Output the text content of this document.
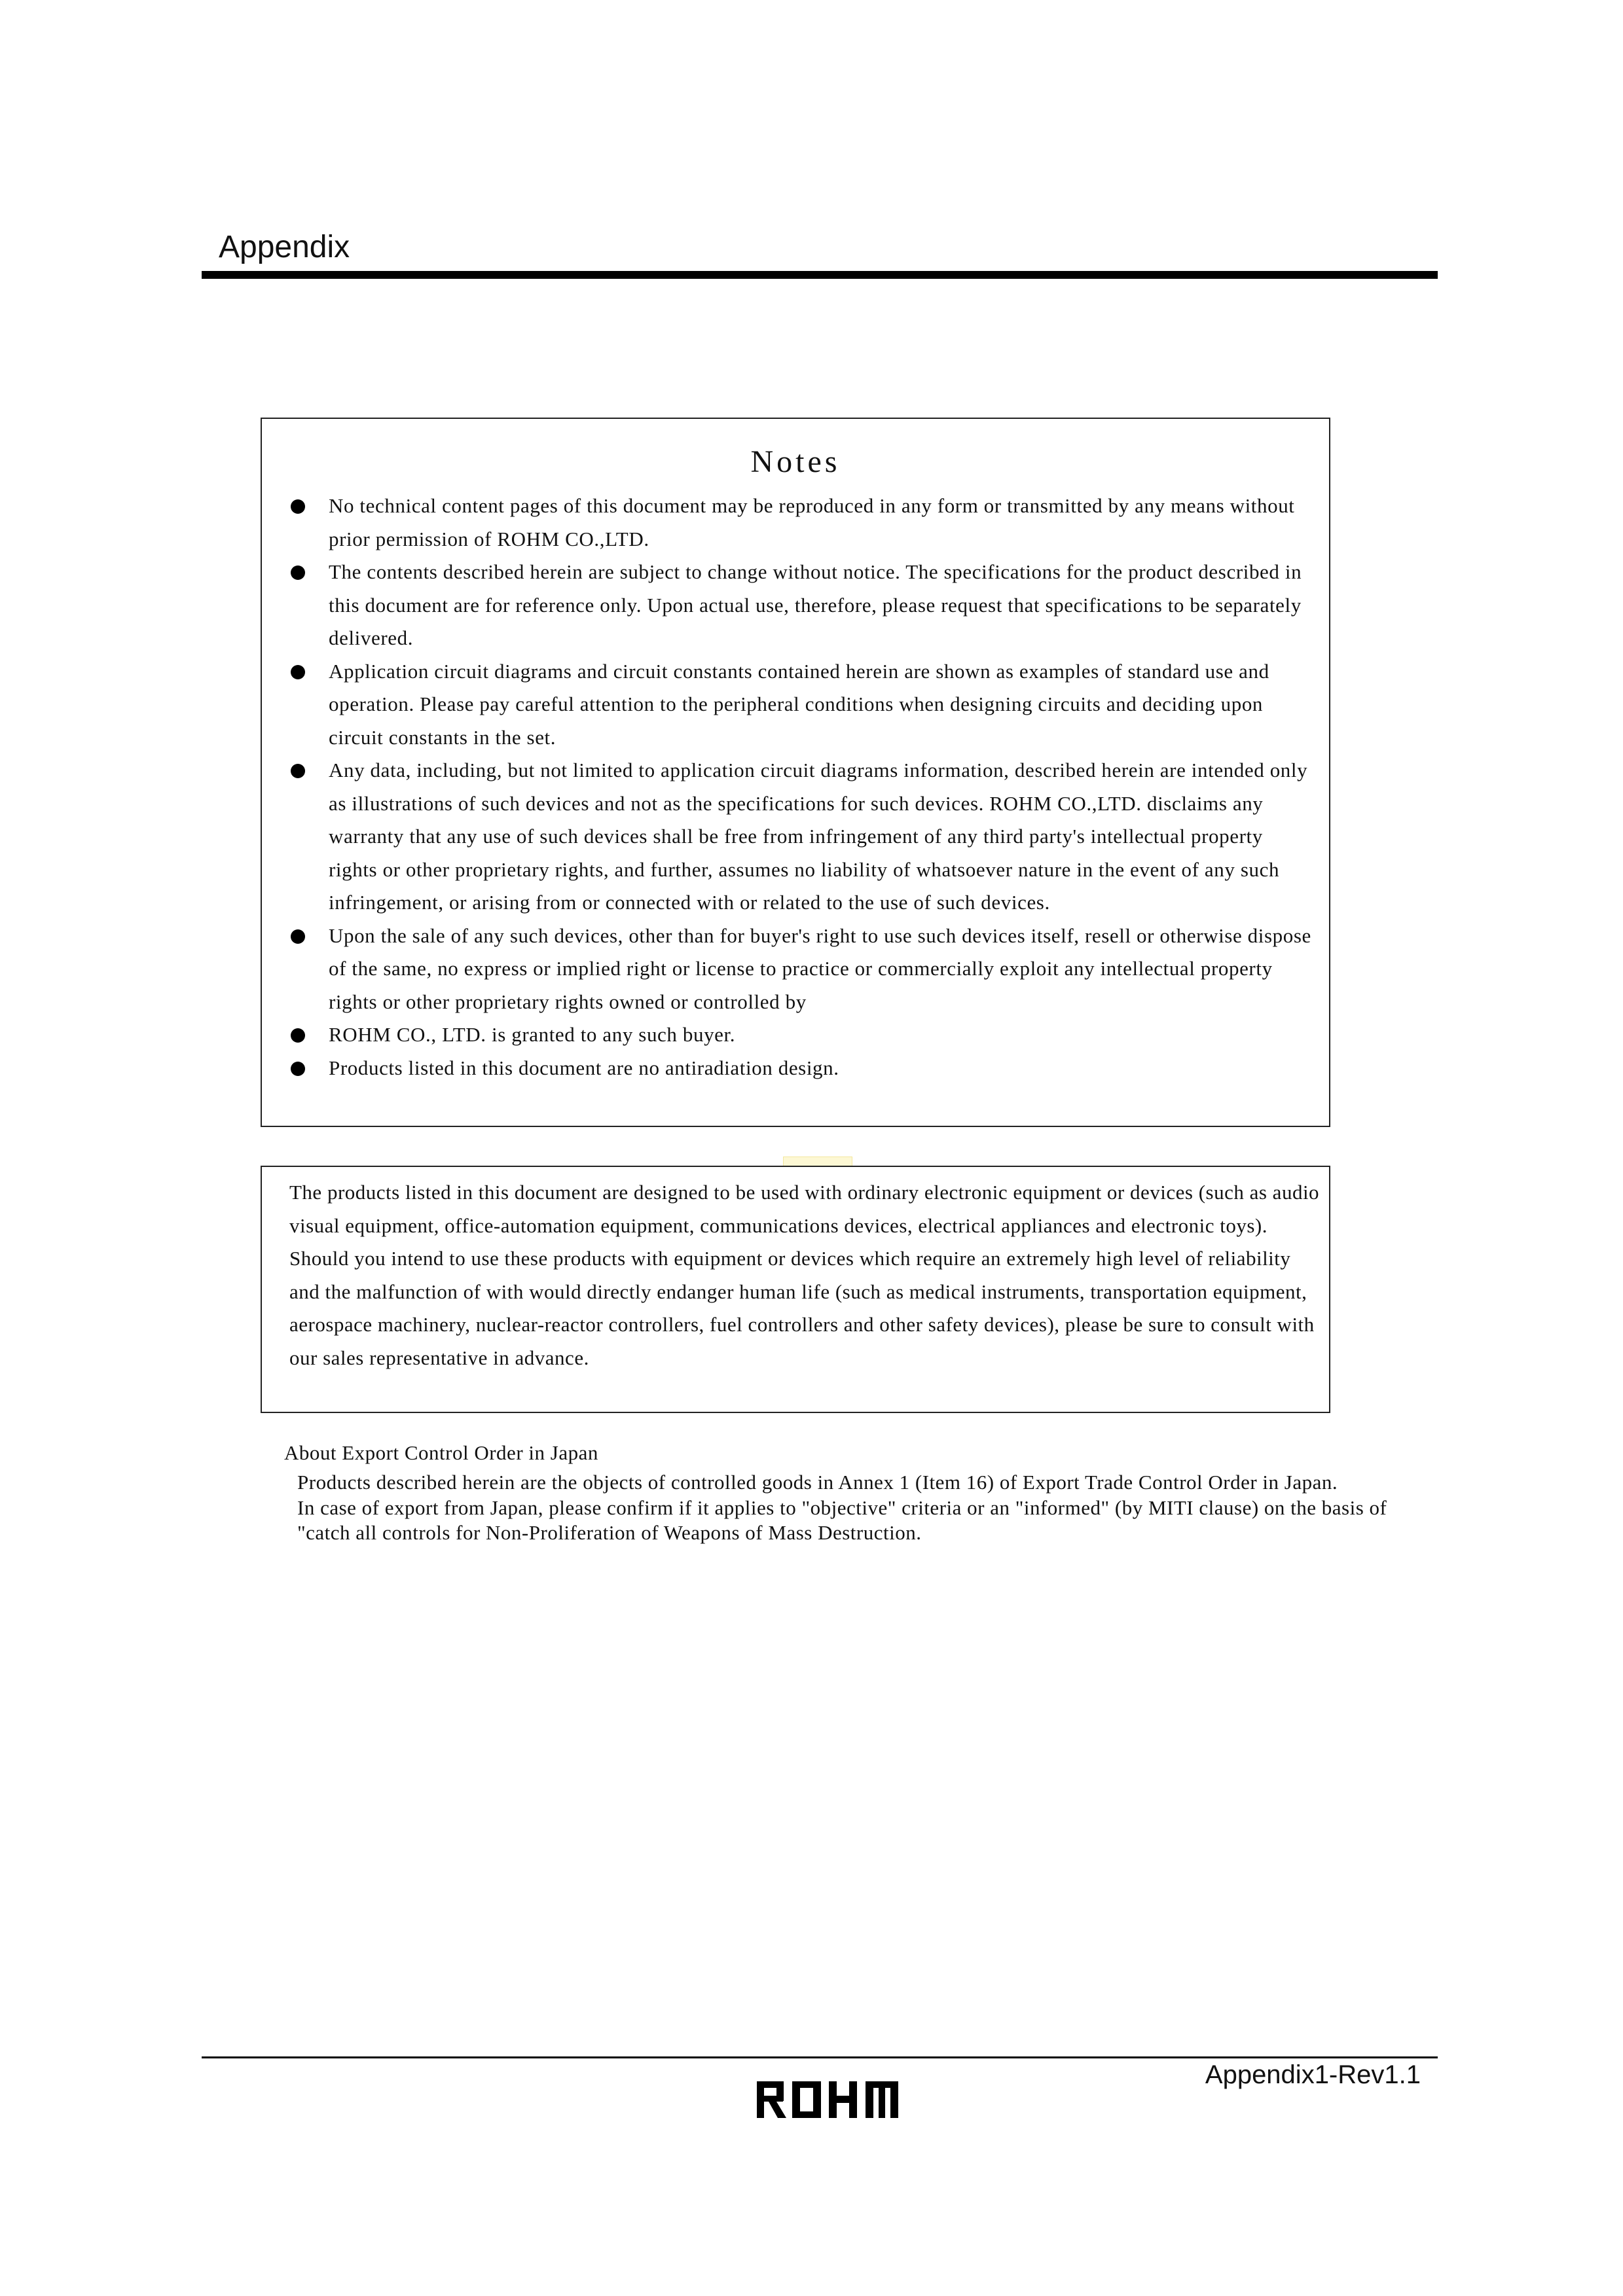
Appendix
Notes
No technical content pages of this document may be reproduced in any form or transmitted by any means without prior permission of ROHM CO.,LTD.
The contents described herein are subject to change without notice. The specifications for the product described in this document are for reference only. Upon actual use, therefore, please request that specifications to be separately delivered.
Application circuit diagrams and circuit constants contained herein are shown as examples of standard use and operation. Please pay careful attention to the peripheral conditions when designing circuits and deciding upon circuit constants in the set.
Any data, including, but not limited to application circuit diagrams information, described herein are intended only as illustrations of such devices and not as the specifications for such devices. ROHM CO.,LTD. disclaims any warranty that any use of such devices shall be free from infringement of any third party's intellectual property rights or other proprietary rights, and further, assumes no liability of whatsoever nature in the event of any such infringement, or arising from or connected with or related to the use of such devices.
Upon the sale of any such devices, other than for buyer's right to use such devices itself, resell or otherwise dispose of the same, no express or implied right or license to practice or commercially exploit any intellectual property rights or other proprietary rights owned or controlled by
ROHM CO., LTD. is granted to any such buyer.
Products listed in this document are no antiradiation design.

The products listed in this document are designed to be used with ordinary electronic equipment or devices (such as audio visual equipment, office-automation equipment, communications devices, electrical appliances and electronic toys).

Should you intend to use these products with equipment or devices which require an extremely high level of reliability and the malfunction of with would directly endanger human life (such as medical instruments, transportation equipment, aerospace machinery, nuclear-reactor controllers, fuel controllers and other safety devices), please be sure to consult with our sales representative in advance.

About Export Control Order in Japan

Products described herein are the objects of controlled goods in Annex 1 (Item 16) of Export Trade Control Order in Japan.

In case of export from Japan, please confirm if it applies to "objective" criteria or an "informed" (by MITI clause) on the basis of "catch all controls for Non-Proliferation of Weapons of Mass Destruction.

Appendix1-Rev1.1
